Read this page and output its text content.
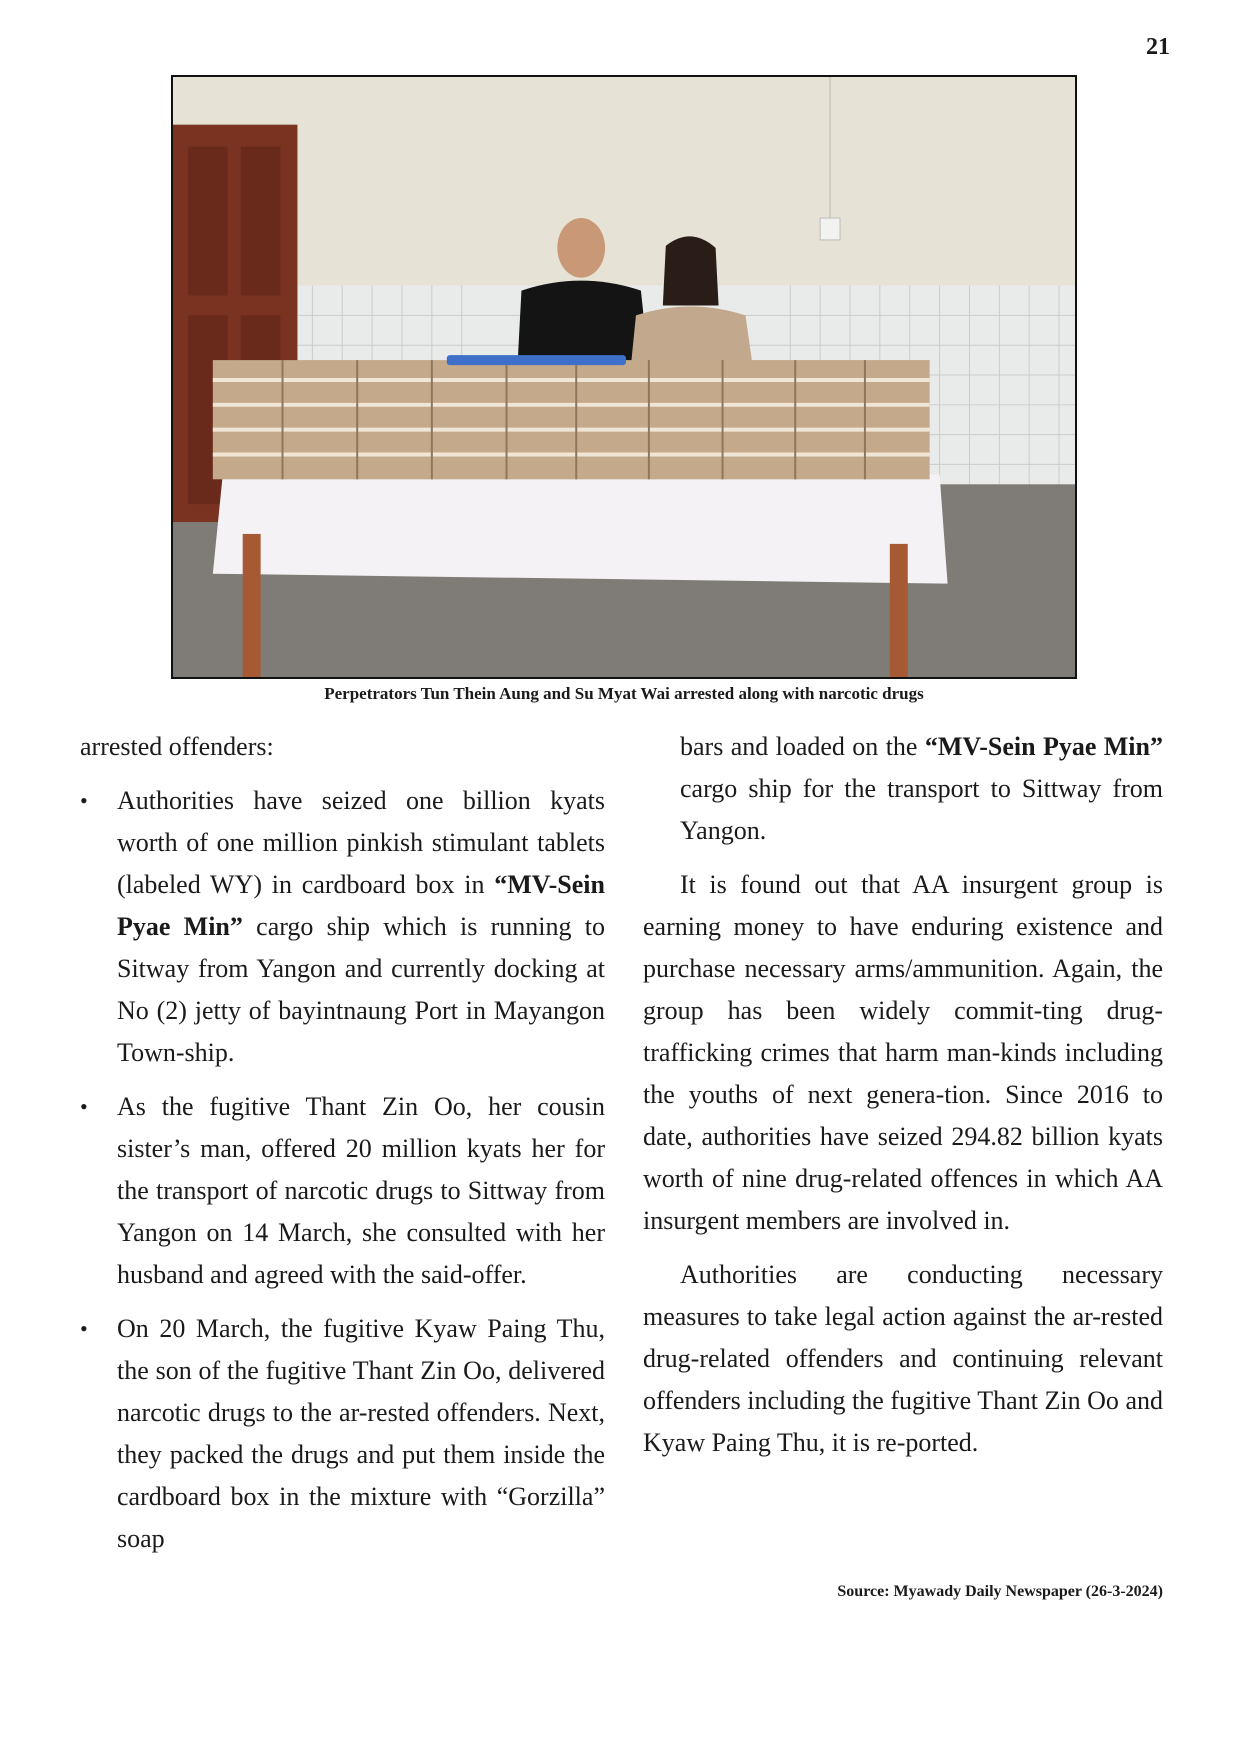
21
Perpetrators Tun Thein Aung and Su Myat Wai arrested along with narcotic drugs

arrested offenders:

• Authorities have seized one billion kyats worth of one million pinkish stimulant tablets (labeled WY) in cardboard box in “MV-Sein Pyae Min” cargo ship which is running to Sitway from Yangon and currently docking at No (2) jetty of bayintnaung Port in Mayangon Town-ship.
• As the fugitive Thant Zin Oo, her cousin sister’s man, offered 20 million kyats her for the transport of narcotic drugs to Sittway from Yangon on 14 March, she consulted with her husband and agreed with the said-offer.
• On 20 March, the fugitive Kyaw Paing Thu, the son of the fugitive Thant Zin Oo, delivered narcotic drugs to the ar-rested offenders. Next, they packed the drugs and put them inside the cardboard box in the mixture with “Gorzilla” soap

bars and loaded on the “MV-Sein Pyae Min” cargo ship for the transport to Sittway from Yangon.

It is found out that AA insurgent group is earning money to have enduring existence and purchase necessary arms/ammunition. Again, the group has been widely commit-ting drug-trafficking crimes that harm man-kinds including the youths of next genera-tion. Since 2016 to date, authorities have seized 294.82 billion kyats worth of nine drug-related offences in which AA insurgent members are involved in.

Authorities are conducting necessary measures to take legal action against the ar-rested drug-related offenders and continuing relevant offenders including the fugitive Thant Zin Oo and Kyaw Paing Thu, it is re-ported.

Source: Myawady Daily Newspaper (26-3-2024)
